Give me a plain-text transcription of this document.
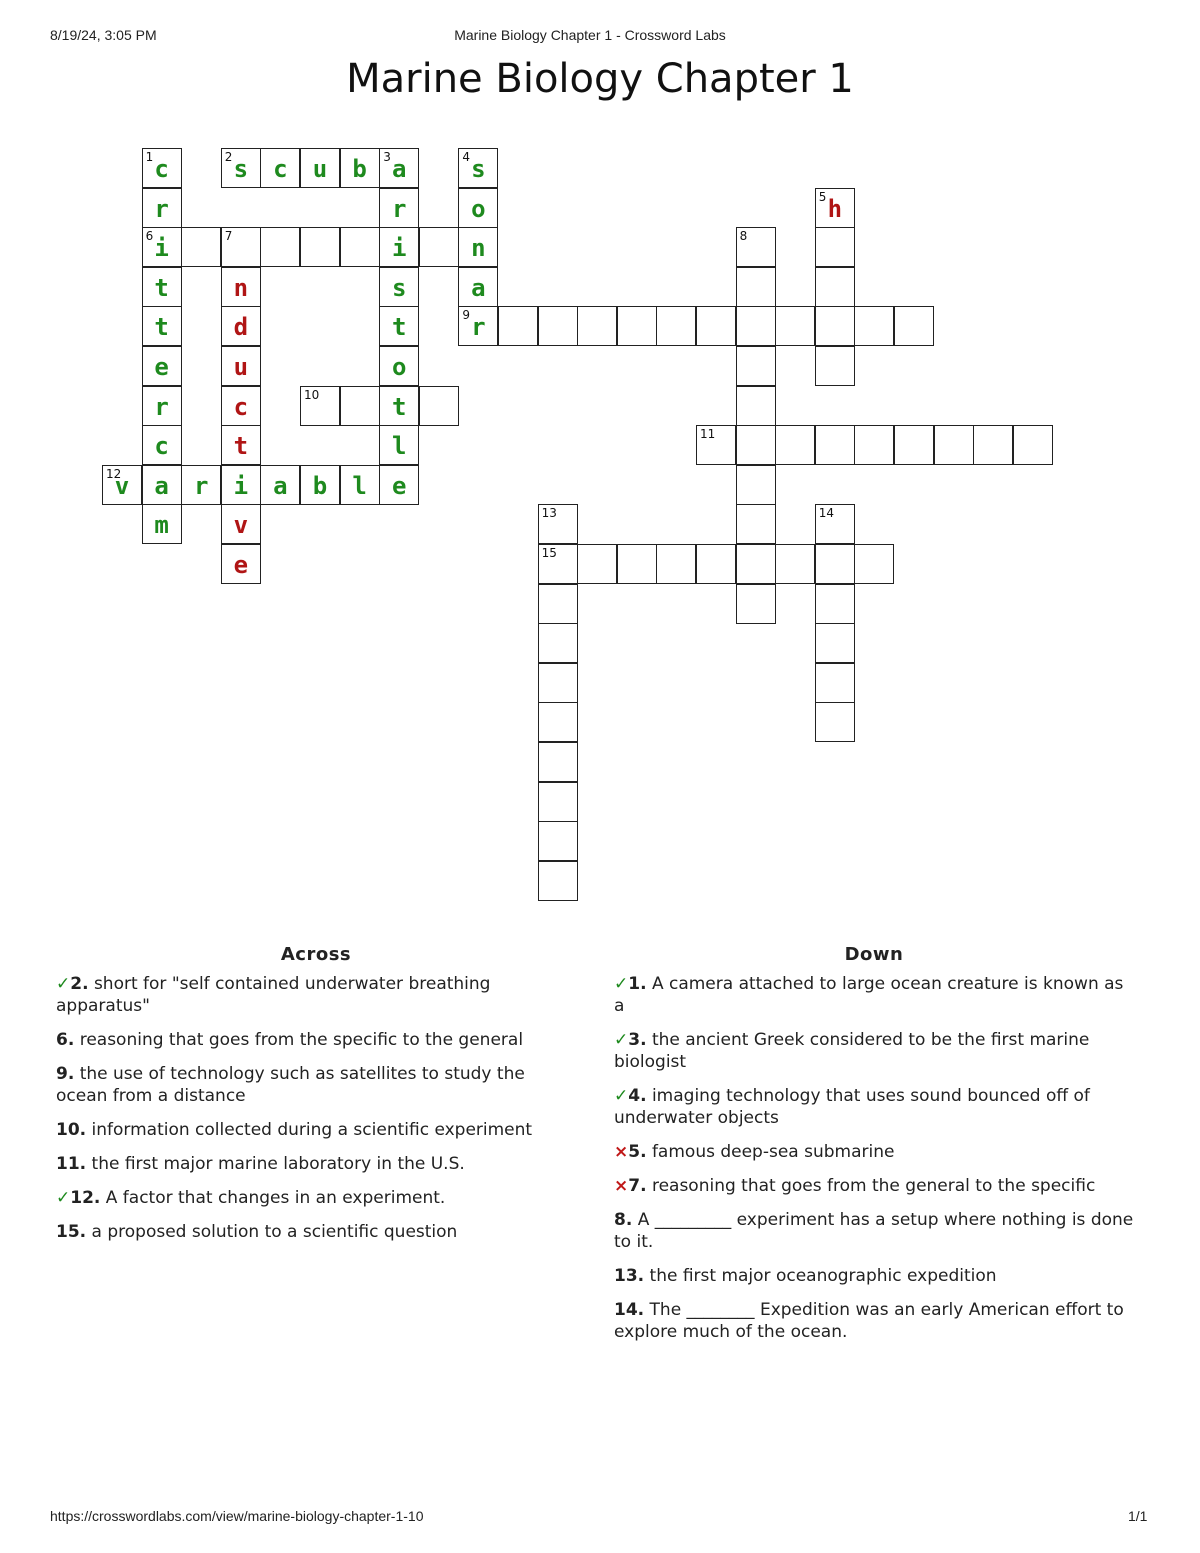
8/19/24, 3:05 PM	Marine Biology Chapter 1 - Crossword Labs
Marine Biology Chapter 1
1 c	2 s	c	u	b	3 a	4 s
r	r	o	5 h
6 i	7	i	n	8
t	n	s	a
t	d	t	9 r
e	u	o
r	c	10	t
c	t	l	11
12
v	a	r	i	a	b	l	e
m	v	13	14
e	15
Across
✓2. short for "self contained underwater breathing apparatus"
6. reasoning that goes from the specific to the general
9. the use of technology such as satellites to study the ocean from a distance
10. information collected during a scientific experiment
11. the first major marine laboratory in the U.S.
✓12. A factor that changes in an experiment.
15. a proposed solution to a scientific question
Down
✓1. A camera attached to large ocean creature is known as a
✓3. the ancient Greek considered to be the first marine biologist
✓4. imaging technology that uses sound bounced off of underwater objects
×5. famous deep-sea submarine
×7. reasoning that goes from the general to the specific
8. A _________ experiment has a setup where nothing is done to it.
13. the first major oceanographic expedition
14. The ________ Expedition was an early American effort to explore much of the ocean.
https://crosswordlabs.com/view/marine-biology-chapter-1-10	1/1
